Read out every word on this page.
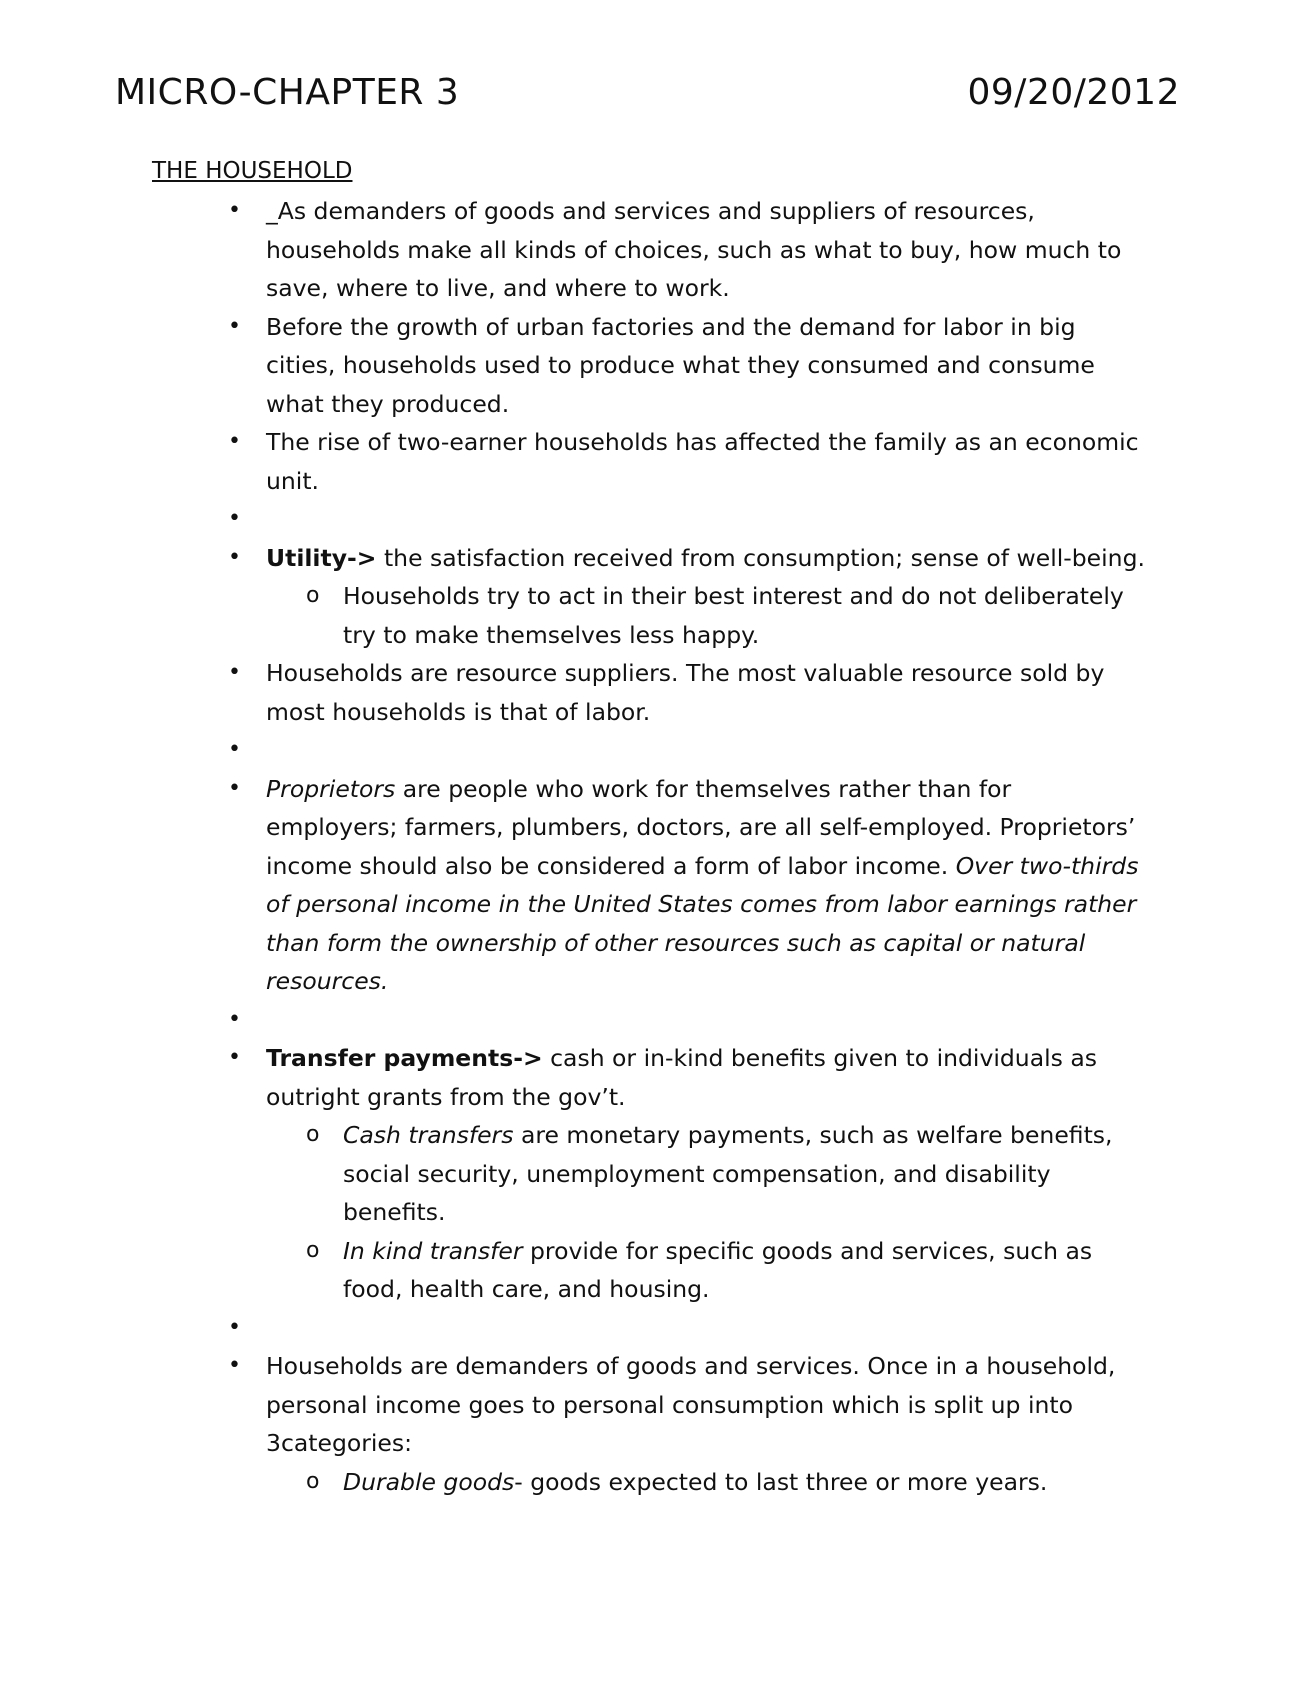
MICRO-CHAPTER 3	09/20/2012
THE HOUSEHOLD
• _As demanders of goods and services and suppliers of resources, households make all kinds of choices, such as what to buy, how much to save, where to live, and where to work.
• Before the growth of urban factories and the demand for labor in big cities, households used to produce what they consumed and consume what they produced.
• The rise of two-earner households has affected the family as an economic unit.
•
• Utility-> the satisfaction received from consumption; sense of well-being.
o Households try to act in their best interest and do not deliberately try to make themselves less happy.
• Households are resource suppliers. The most valuable resource sold by most households is that of labor.
•
• Proprietors are people who work for themselves rather than for employers; farmers, plumbers, doctors, are all self-employed. Proprietors’ income should also be considered a form of labor income. Over two-thirds of personal income in the United States comes from labor earnings rather than form the ownership of other resources such as capital or natural resources.
•
• Transfer payments-> cash or in-kind benefits given to individuals as outright grants from the gov’t.
o Cash transfers are monetary payments, such as welfare benefits, social security, unemployment compensation, and disability benefits.
o In kind transfer provide for specific goods and services, such as food, health care, and housing.
•
• Households are demanders of goods and services. Once in a household, personal income goes to personal consumption which is split up into 3categories:
o Durable goods- goods expected to last three or more years.
